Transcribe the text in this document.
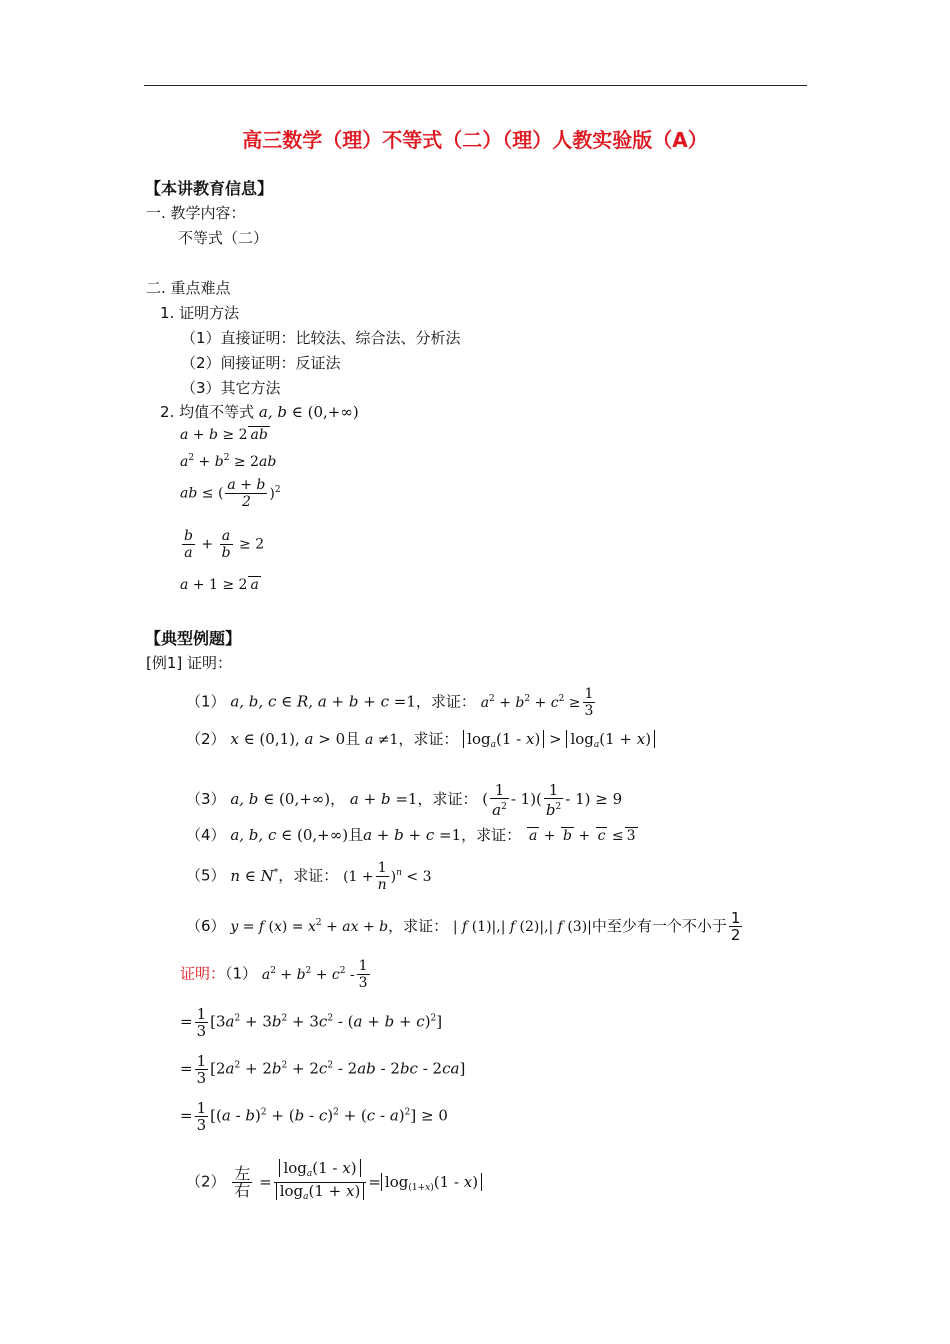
高三数学（理）不等式（二）（理）人教实验版（A）
【本讲教育信息】
一. 教学内容：
不等式（二）
二. 重点难点
1. 证明方法
（1）直接证明：比较法、综合法、分析法
（2）间接证明：反证法
（3）其它方法
2. 均值不等式 a, b ∈ (0,+∞)
a + b ≥ 2 ab
$a^2 + b^2 \ge 2ab$
ab ≤ ( $\frac{a + b}{2} )^2$
$\frac{b}{a} + \frac{a}{b} \ge 2$
a + 1 ≥ 2 a
【典型例题】
[例1] 证明：
（1） a, b, c ∈ R, a + b + c =1，求证： $a^2 + b^2 + c^2 \ge \frac{1}{3}$
（2） x ∈ (0,1), a > 0且 a ≠1，求证： $\log_a(1 - x) > \log_a(1 + x)$
（3） a, b ∈ (0,+∞)， a + b =1，求证： ( $\frac{1}{a^2} - 1)( \frac{1}{b^2} - 1) \ge 9$
（4） a, b, c ∈ (0,+∞)且a + b + c =1，求证： a + b + c ≤ 3
（5） n ∈ N*，求证： $(1 + \frac{1}{n} )^n < 3$
（6） y = f $(x) = x^2$ + ax + b，求证： | f (1)|,| f (2)|,| f (3)|中至少有一个不小于 $\frac{1}{2}$
证明：（1） $a^2 + b^2 + c^2 - \frac{1}{3}$
= $\frac{1}{3} [3a^2 + 3b^2 + 3c^2 - (a + b + c)^2]$
= $\frac{1}{3} [2a^2 + 2b^2 + 2c^2 - 2ab - 2bc - 2ca]$
= $\frac{1}{3} [(a - b)^2 + (b - c)^2 + (c - a)^2] \ge 0$
$(2) \frac{\text{左}}{\text{右}} = \frac{\log_a(1 - x)}{\log_a(1 + x)} = \log_{(1+x)}(1 - x)$
